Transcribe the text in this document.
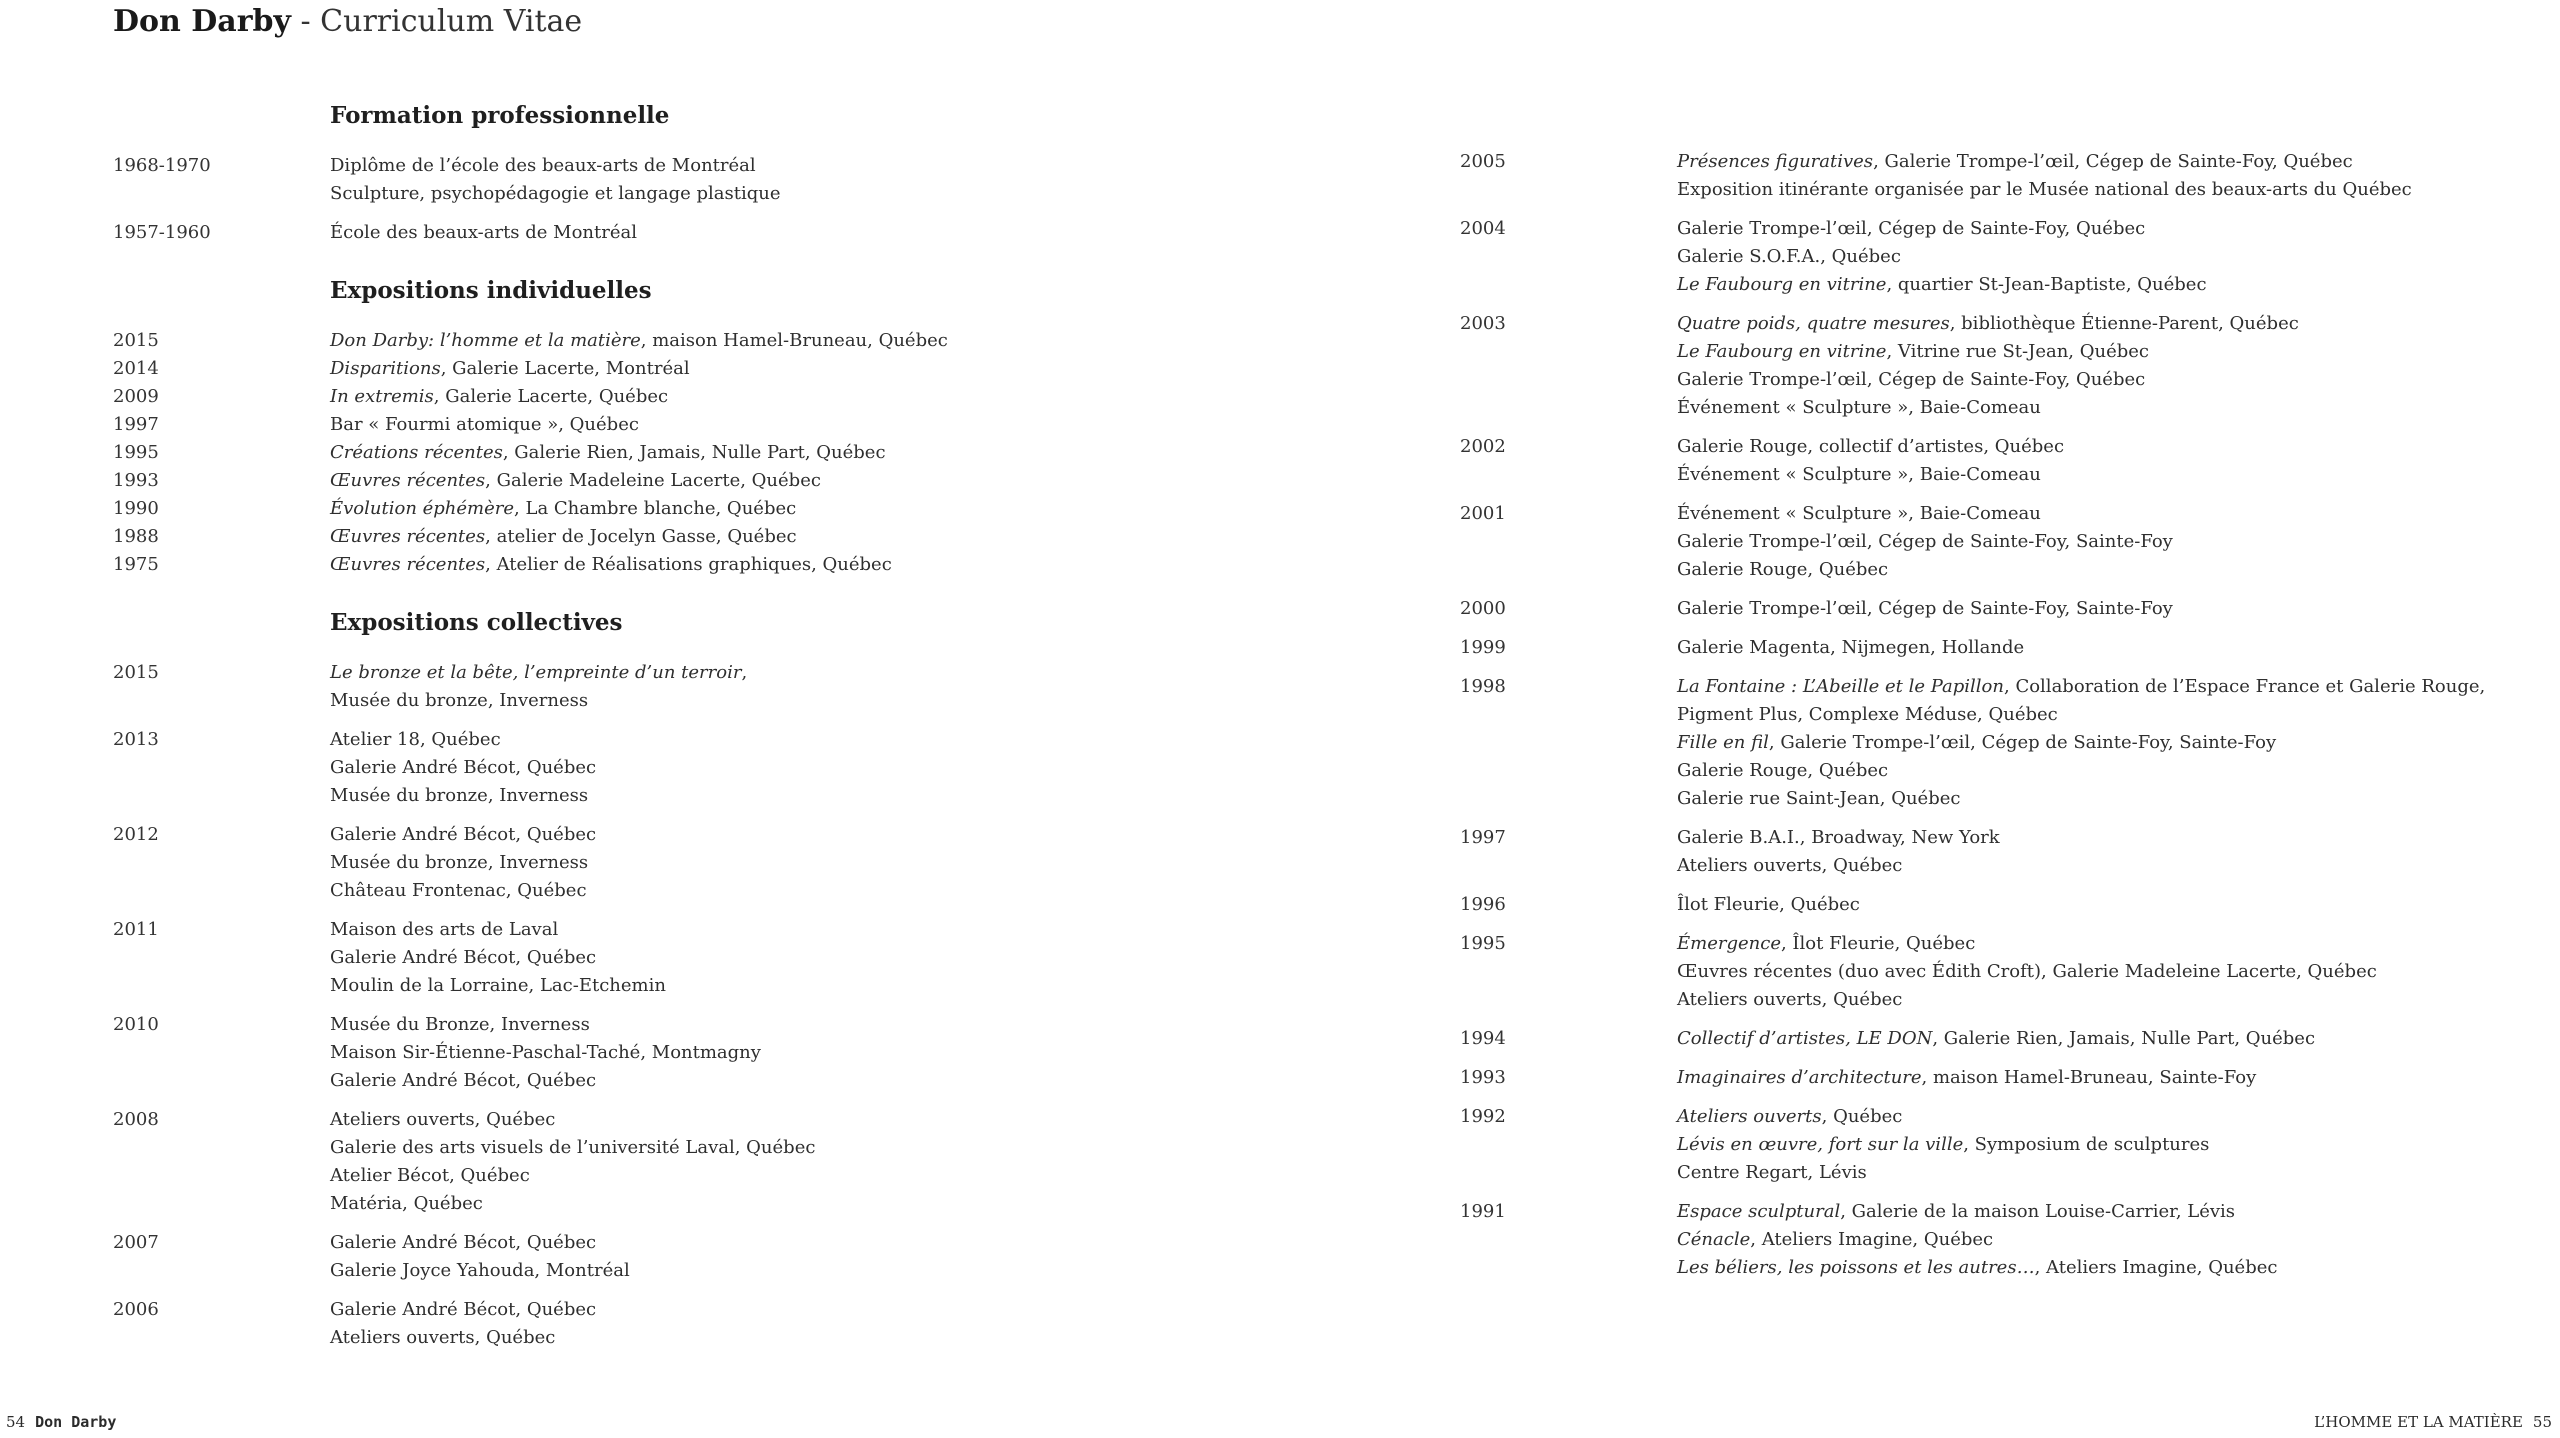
Don Darby - Curriculum Vitae
Formation professionnelle
1968-1970	Diplôme de l’école des beaux-arts de Montréal
Sculpture, psychopédagogie et langage plastique
1957-1960	École des beaux-arts de Montréal
Expositions individuelles
2015	Don Darby: l’homme et la matière, maison Hamel-Bruneau, Québec
2014	Disparitions, Galerie Lacerte, Montréal
2009	In extremis, Galerie Lacerte, Québec
1997	Bar « Fourmi atomique », Québec
1995	Créations récentes, Galerie Rien, Jamais, Nulle Part, Québec
1993	Œuvres récentes, Galerie Madeleine Lacerte, Québec
1990	Évolution éphémère, La Chambre blanche, Québec
1988	Œuvres récentes, atelier de Jocelyn Gasse, Québec
1975	Œuvres récentes, Atelier de Réalisations graphiques, Québec
Expositions collectives
2015	Le bronze et la bête, l’empreinte d’un terroir,
Musée du bronze, Inverness
2013	Atelier 18, Québec
Galerie André Bécot, Québec
Musée du bronze, Inverness
2012	Galerie André Bécot, Québec
Musée du bronze, Inverness
Château Frontenac, Québec
2011	Maison des arts de Laval
Galerie André Bécot, Québec
Moulin de la Lorraine, Lac-Etchemin
2010	Musée du Bronze, Inverness
Maison Sir-Étienne-Paschal-Taché, Montmagny
Galerie André Bécot, Québec
2008	Ateliers ouverts, Québec
Galerie des arts visuels de l’université Laval, Québec
Atelier Bécot, Québec
Matéria, Québec
2007	Galerie André Bécot, Québec
Galerie Joyce Yahouda, Montréal
2006	Galerie André Bécot, Québec
Ateliers ouverts, Québec
2005	Présences figuratives, Galerie Trompe-l’œil, Cégep de Sainte-Foy, Québec
Exposition itinérante organisée par le Musée national des beaux-arts du Québec
2004	Galerie Trompe-l’œil, Cégep de Sainte-Foy, Québec
Galerie S.O.F.A., Québec
Le Faubourg en vitrine, quartier St-Jean-Baptiste, Québec
2003	Quatre poids, quatre mesures, bibliothèque Étienne-Parent, Québec
Le Faubourg en vitrine, Vitrine rue St-Jean, Québec
Galerie Trompe-l’œil, Cégep de Sainte-Foy, Québec
Événement « Sculpture », Baie-Comeau
2002	Galerie Rouge, collectif d’artistes, Québec
Événement « Sculpture », Baie-Comeau
2001	Événement « Sculpture », Baie-Comeau
Galerie Trompe-l’œil, Cégep de Sainte-Foy, Sainte-Foy
Galerie Rouge, Québec
2000	Galerie Trompe-l’œil, Cégep de Sainte-Foy, Sainte-Foy
1999	Galerie Magenta, Nijmegen, Hollande
1998	La Fontaine : L’Abeille et le Papillon, Collaboration de l’Espace France et Galerie Rouge,
Pigment Plus, Complexe Méduse, Québec
Fille en fil, Galerie Trompe-l’œil, Cégep de Sainte-Foy, Sainte-Foy
Galerie Rouge, Québec
Galerie rue Saint-Jean, Québec
1997	Galerie B.A.I., Broadway, New York
Ateliers ouverts, Québec
1996	Îlot Fleurie, Québec
1995	Émergence, Îlot Fleurie, Québec
Œuvres récentes (duo avec Édith Croft), Galerie Madeleine Lacerte, Québec
Ateliers ouverts, Québec
1994	Collectif d’artistes, LE DON, Galerie Rien, Jamais, Nulle Part, Québec
1993	Imaginaires d’architecture, maison Hamel-Bruneau, Sainte-Foy
1992	Ateliers ouverts, Québec
Lévis en œuvre, fort sur la ville, Symposium de sculptures
Centre Regart, Lévis
1991	Espace sculptural, Galerie de la maison Louise-Carrier, Lévis
Cénacle, Ateliers Imagine, Québec
Les béliers, les poissons et les autres…, Ateliers Imagine, Québec
54 Don Darby	L’HOMME ET LA MATIÈRE 55
